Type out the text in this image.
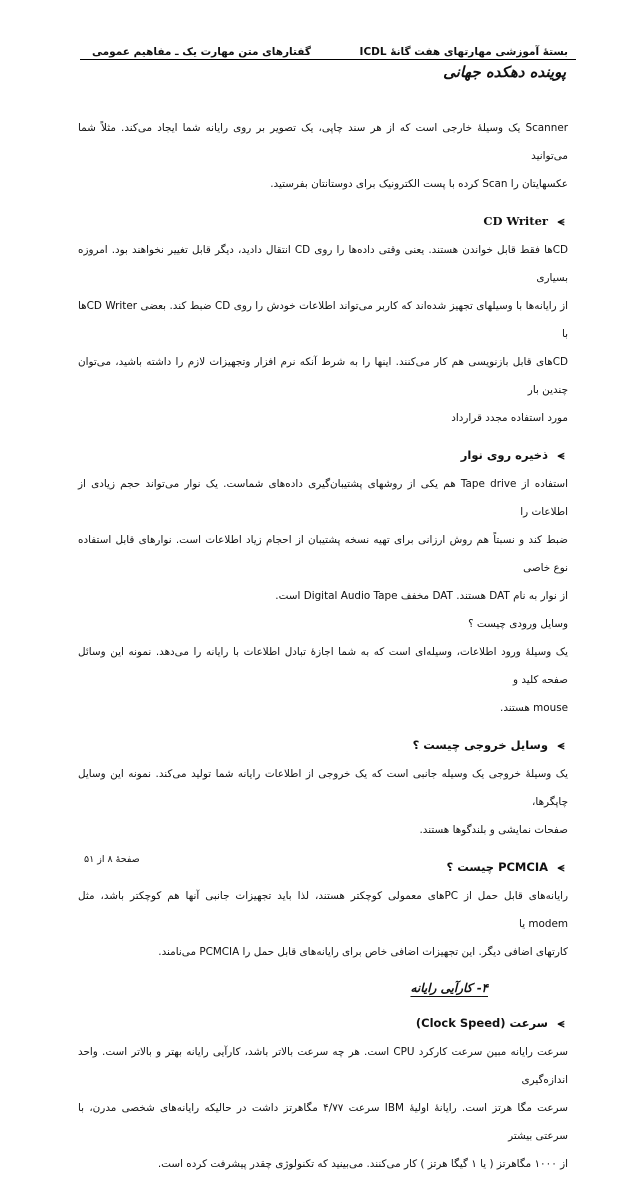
بستهٔ آموزشی مهارتهای هفت گانهٔ ICDL
گفتارهای متن مهارت یک ـ مفاهیم عمومی
پوینده دهکده جهانی

Scanner یک وسیلهٔ خارجی است که از هر سند چاپی، یک تصویر بر روی رایانه شما ایجاد می‌کند. مثلاً شما می‌توانید

عکسهایتان را Scan کرده با پست الکترونیک برای دوستانتان بفرستید.

⪪
CD Writer

CDها فقط قابل خواندن هستند. یعنی وقتی داده‌ها را روی CD انتقال دادید، دیگر قابل تغییر نخواهند بود. امروزه بسیاری

از رایانه‌ها با وسیلهای تجهیز شده‌اند که کاربر می‌تواند اطلاعات خودش را روی CD ضبط کند. بعضی CD Writerها با

CDهای قابل بازنویسی هم کار می‌کنند. اینها را به شرط آنکه نرم افزار وتجهیزات لازم را داشته باشید، می‌توان چندین بار

مورد استفاده مجدد قرارداد

⪪
ذخیره روی نوار

استفاده از Tape drive هم یکی از روشهای پشتیبان‌گیری داده‌های شماست. یک نوار می‌تواند حجم زیادی از اطلاعات را

ضبط کند و نسبتاً هم روش ارزانی برای تهیه نسخه پشتیبان از احجام زیاد اطلاعات است. نوارهای قابل استفاده نوع خاصی

از نوار به نام DAT هستند. DAT مخفف Digital Audio Tape است.

وسایل ورودی چیست ؟

یک وسیلهٔ ورود اطلاعات، وسیله‌ای است که به شما اجازهٔ تبادل اطلاعات با رایانه را می‌دهد. نمونه این وسائل صفحه کلید و

mouse هستند.

⪪
وسایل خروجی چیست ؟

یک وسیلهٔ خروجی یک وسیله جانبی است که یک خروجی از اطلاعات رایانه شما تولید می‌کند. نمونه این وسایل چاپگرها،

صفحات نمایشی و بلندگوها هستند.

⪪
PCMCIA چیست ؟

رایانه‌های قابل حمل از PCهای معمولی کوچکتر هستند، لذا باید تجهیزات جانبی آنها هم کوچکتر باشد، مثل modem یا

کارتهای اضافی دیگر. این تجهیزات اضافی خاص برای رایانه‌های قابل حمل را PCMCIA می‌نامند.

۴- کارآیی رایانه
⪪
سرعت (Clock Speed)

سرعت رایانه مبین سرعت کارکرد CPU است. هر چه سرعت بالاتر باشد، کارآیی رایانه بهتر و بالاتر است. واحد اندازه‌گیری

سرعت مگا هرتز است. رایانهٔ اولیهٔ IBM سرعت ۴/۷۷ مگاهرتز داشت در حالیکه رایانه‌های شخصی مدرن، با سرعتی بیشتر

از ۱۰۰۰ مگاهرتز ( یا ۱ گیگا هرتز ) کار می‌کنند. می‌بینید که تکنولوژی چقدر پیشرفت کرده است.

صفحهٔ ۸ از ۵۱
